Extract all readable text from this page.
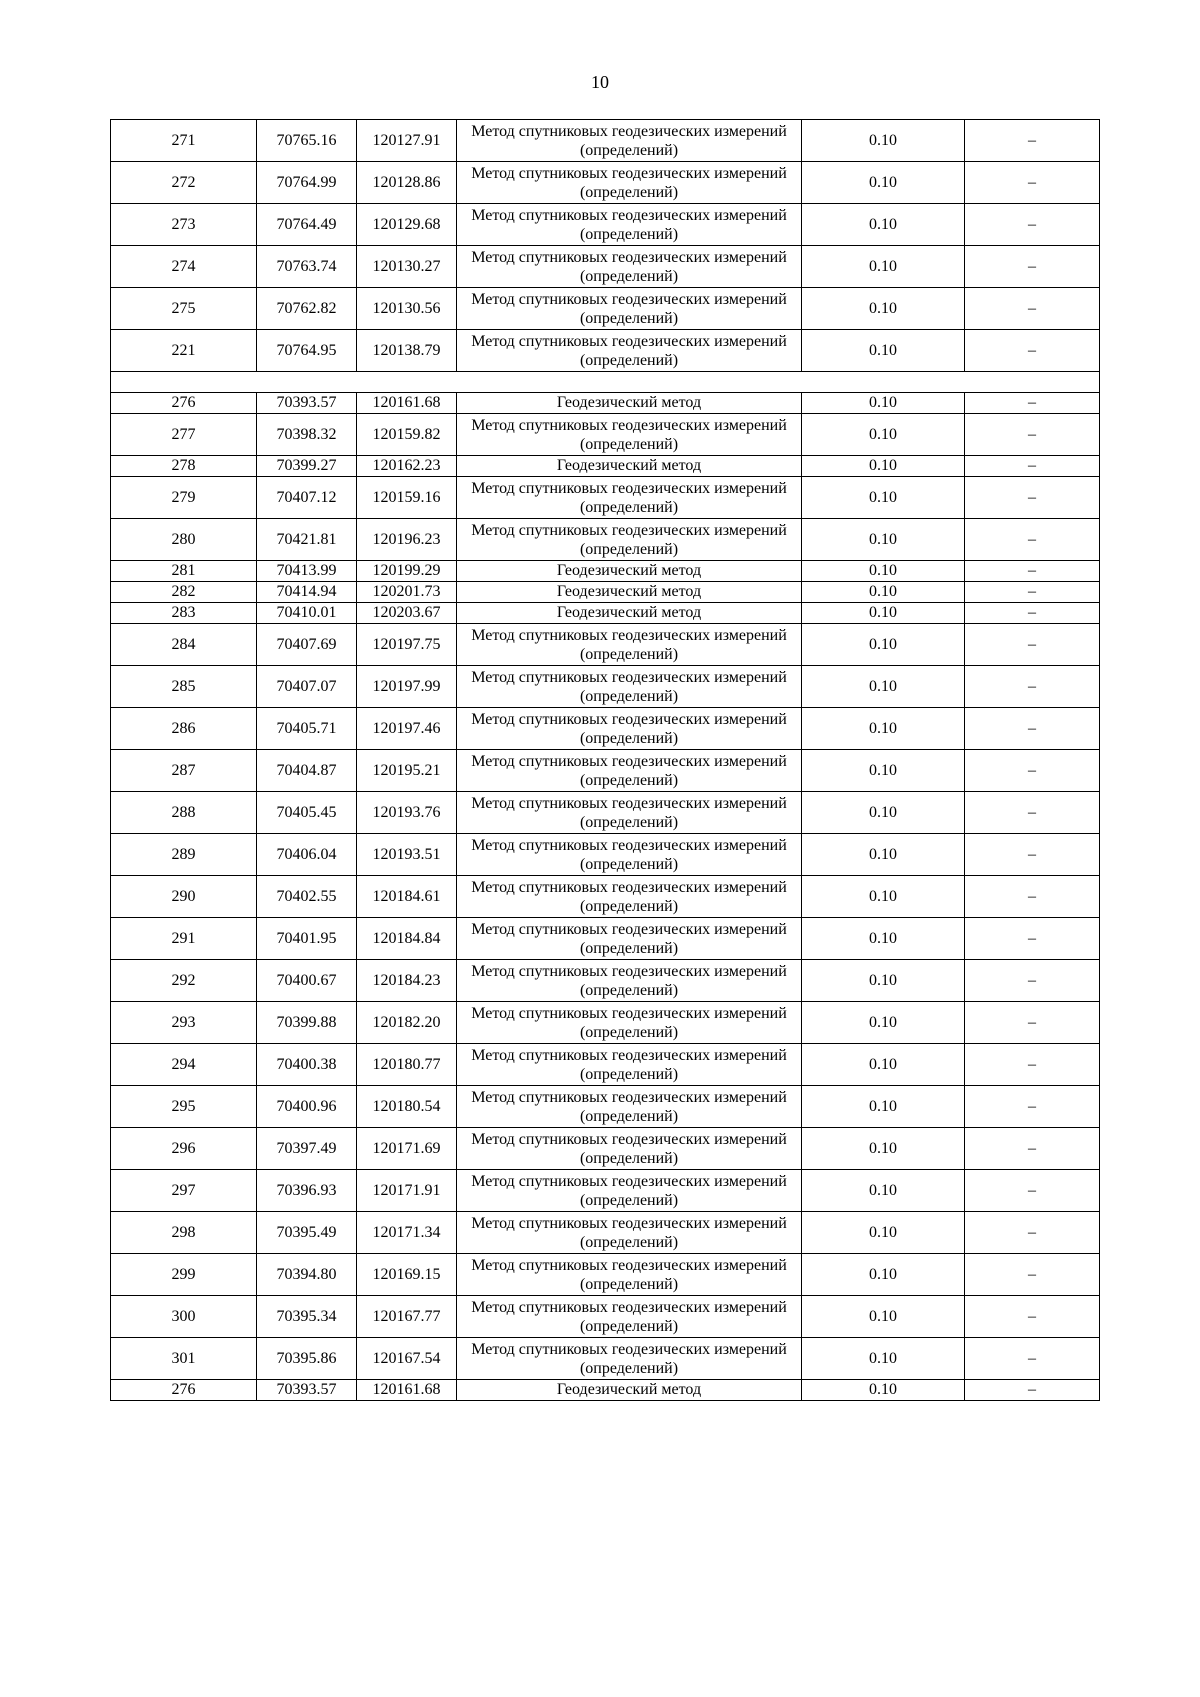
10
271	70765.16	120127.91	Метод спутниковых геодезических измерений (определений)	0.10	–
272	70764.99	120128.86	Метод спутниковых геодезических измерений (определений)	0.10	–
273	70764.49	120129.68	Метод спутниковых геодезических измерений (определений)	0.10	–
274	70763.74	120130.27	Метод спутниковых геодезических измерений (определений)	0.10	–
275	70762.82	120130.56	Метод спутниковых геодезических измерений (определений)	0.10	–
221	70764.95	120138.79	Метод спутниковых геодезических измерений (определений)	0.10	–

276	70393.57	120161.68	Геодезический метод	0.10	–
277	70398.32	120159.82	Метод спутниковых геодезических измерений (определений)	0.10	–
278	70399.27	120162.23	Геодезический метод	0.10	–
279	70407.12	120159.16	Метод спутниковых геодезических измерений (определений)	0.10	–
280	70421.81	120196.23	Метод спутниковых геодезических измерений (определений)	0.10	–
281	70413.99	120199.29	Геодезический метод	0.10	–
282	70414.94	120201.73	Геодезический метод	0.10	–
283	70410.01	120203.67	Геодезический метод	0.10	–
284	70407.69	120197.75	Метод спутниковых геодезических измерений (определений)	0.10	–
285	70407.07	120197.99	Метод спутниковых геодезических измерений (определений)	0.10	–
286	70405.71	120197.46	Метод спутниковых геодезических измерений (определений)	0.10	–
287	70404.87	120195.21	Метод спутниковых геодезических измерений (определений)	0.10	–
288	70405.45	120193.76	Метод спутниковых геодезических измерений (определений)	0.10	–
289	70406.04	120193.51	Метод спутниковых геодезических измерений (определений)	0.10	–
290	70402.55	120184.61	Метод спутниковых геодезических измерений (определений)	0.10	–
291	70401.95	120184.84	Метод спутниковых геодезических измерений (определений)	0.10	–
292	70400.67	120184.23	Метод спутниковых геодезических измерений (определений)	0.10	–
293	70399.88	120182.20	Метод спутниковых геодезических измерений (определений)	0.10	–
294	70400.38	120180.77	Метод спутниковых геодезических измерений (определений)	0.10	–
295	70400.96	120180.54	Метод спутниковых геодезических измерений (определений)	0.10	–
296	70397.49	120171.69	Метод спутниковых геодезических измерений (определений)	0.10	–
297	70396.93	120171.91	Метод спутниковых геодезических измерений (определений)	0.10	–
298	70395.49	120171.34	Метод спутниковых геодезических измерений (определений)	0.10	–
299	70394.80	120169.15	Метод спутниковых геодезических измерений (определений)	0.10	–
300	70395.34	120167.77	Метод спутниковых геодезических измерений (определений)	0.10	–
301	70395.86	120167.54	Метод спутниковых геодезических измерений (определений)	0.10	–
276	70393.57	120161.68	Геодезический метод	0.10	–
